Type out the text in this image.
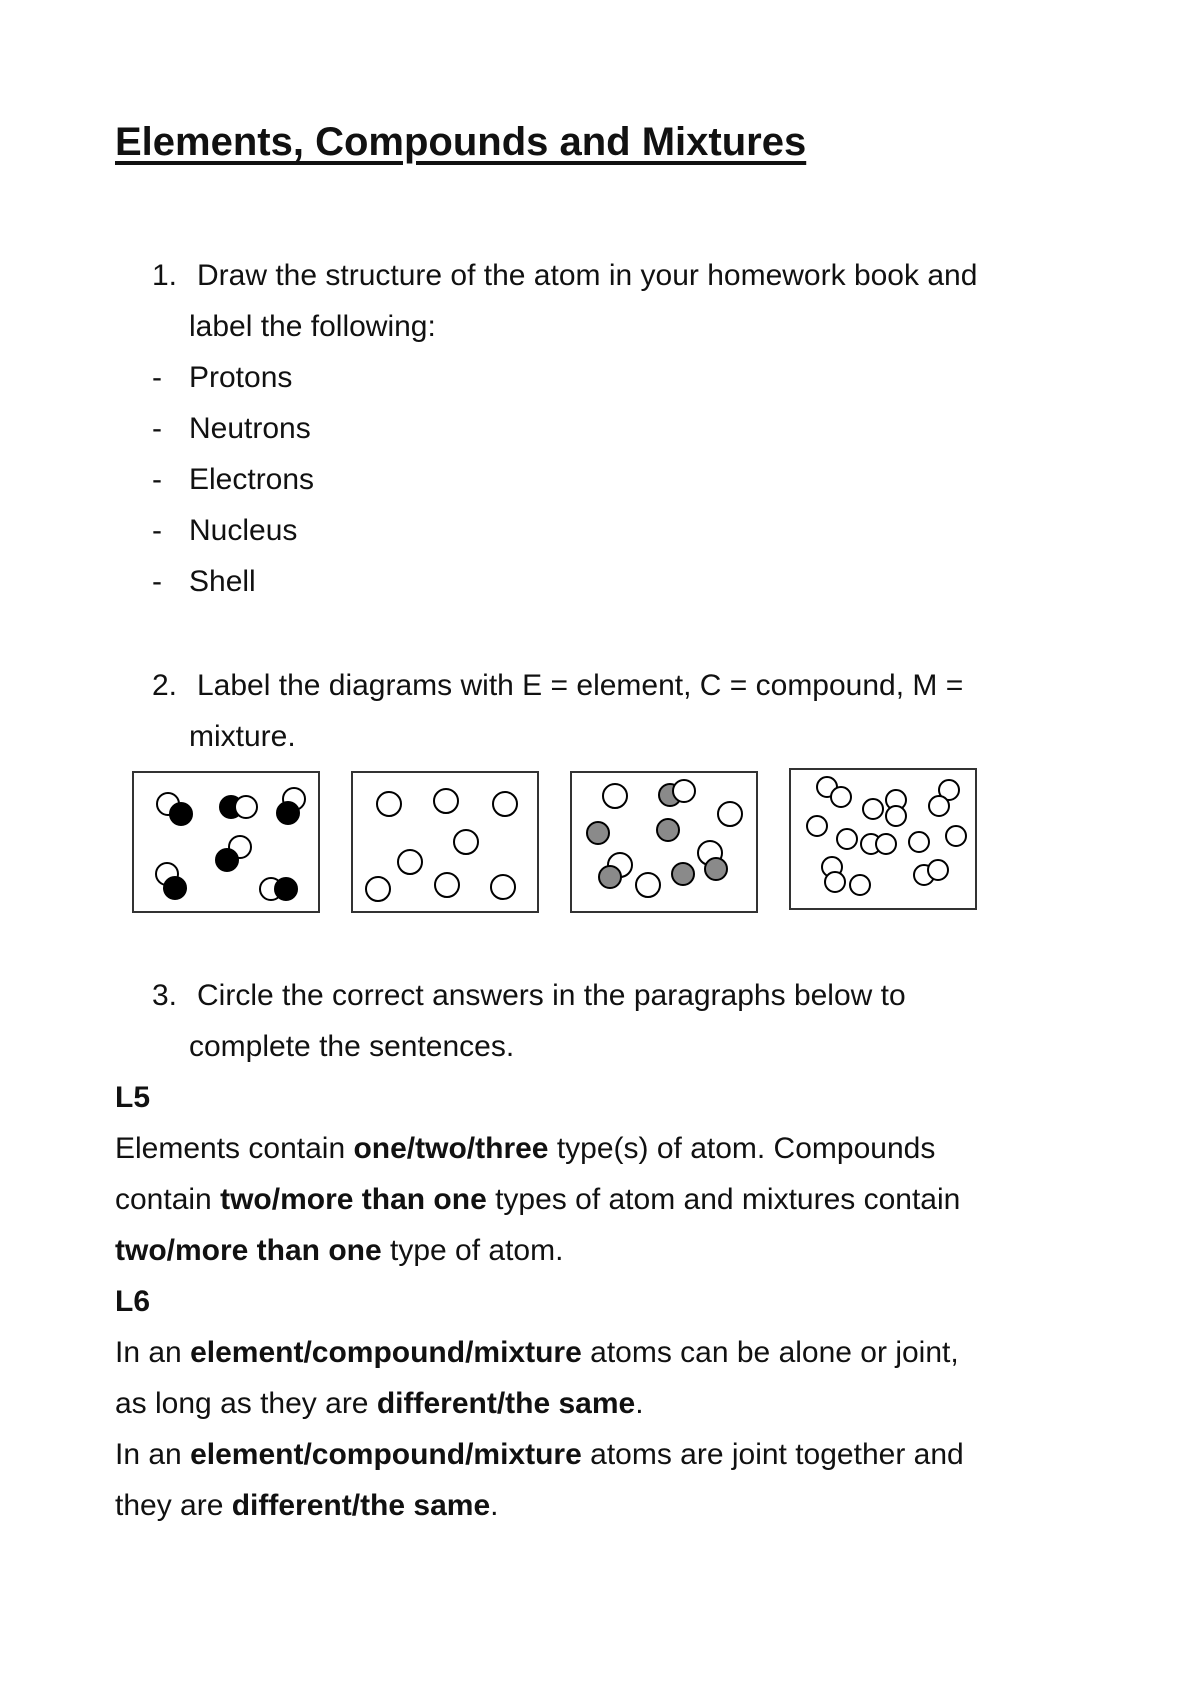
Elements, Compounds and Mixtures
1. Draw the structure of the atom in your homework book and
label the following:
- Protons
- Neutrons
- Electrons
- Nucleus
- Shell
2. Label the diagrams with E = element, C = compound, M =
mixture.
3. Circle the correct answers in the paragraphs below to
complete the sentences.
L5
Elements contain one/two/three type(s) of atom. Compounds
contain two/more than one types of atom and mixtures contain
two/more than one type of atom.
L6
In an element/compound/mixture atoms can be alone or joint,
as long as they are different/the same.
In an element/compound/mixture atoms are joint together and
they are different/the same.
